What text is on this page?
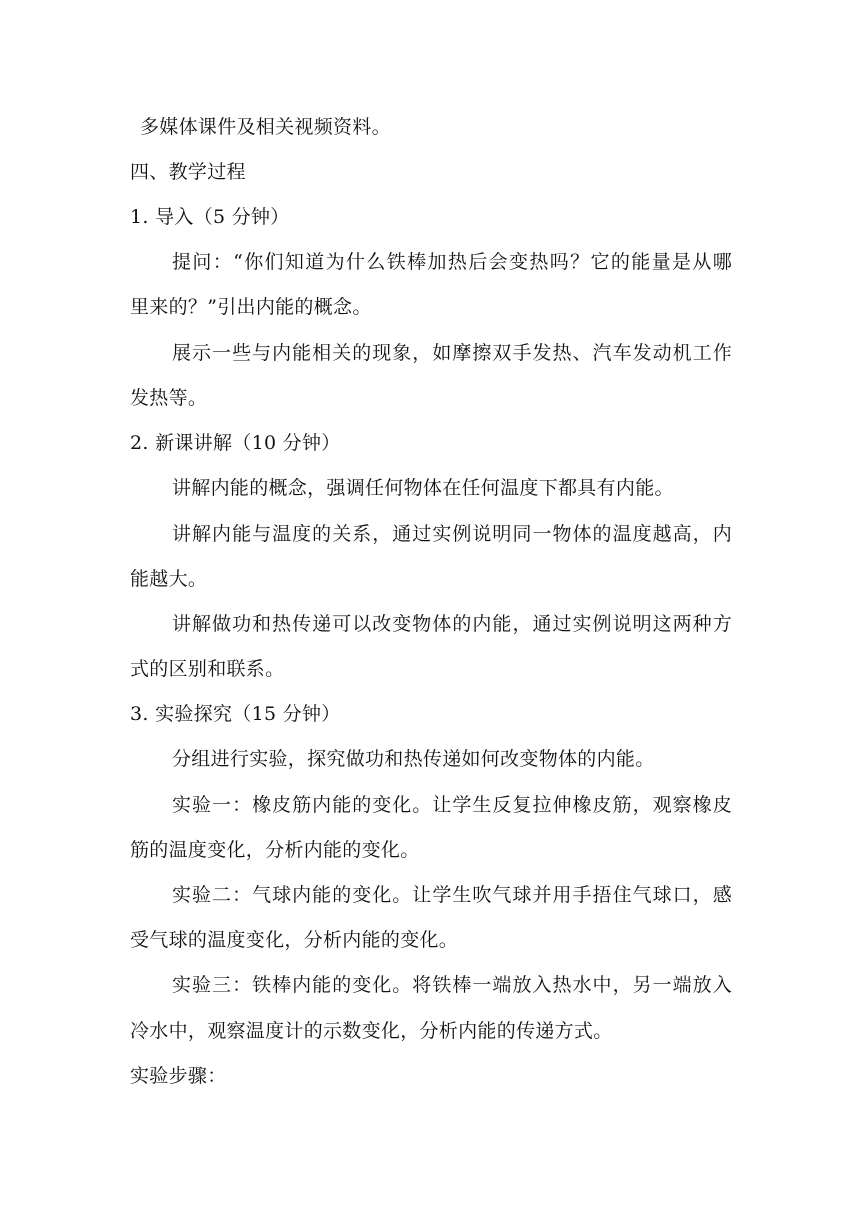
多媒体课件及相关视频资料。
四、教学过程
1. 导入（5 分钟）
提问：“你们知道为什么铁棒加热后会变热吗？它的能量是从哪
里来的？”引出内能的概念。
展示一些与内能相关的现象，如摩擦双手发热、汽车发动机工作
发热等。
2. 新课讲解（10 分钟）
讲解内能的概念，强调任何物体在任何温度下都具有内能。
讲解内能与温度的关系，通过实例说明同一物体的温度越高，内
能越大。
讲解做功和热传递可以改变物体的内能，通过实例说明这两种方
式的区别和联系。
3. 实验探究（15 分钟）
分组进行实验，探究做功和热传递如何改变物体的内能。
实验一：橡皮筋内能的变化。让学生反复拉伸橡皮筋，观察橡皮
筋的温度变化，分析内能的变化。
实验二：气球内能的变化。让学生吹气球并用手捂住气球口，感
受气球的温度变化，分析内能的变化。
实验三：铁棒内能的变化。将铁棒一端放入热水中，另一端放入
冷水中，观察温度计的示数变化，分析内能的传递方式。
实验步骤：
